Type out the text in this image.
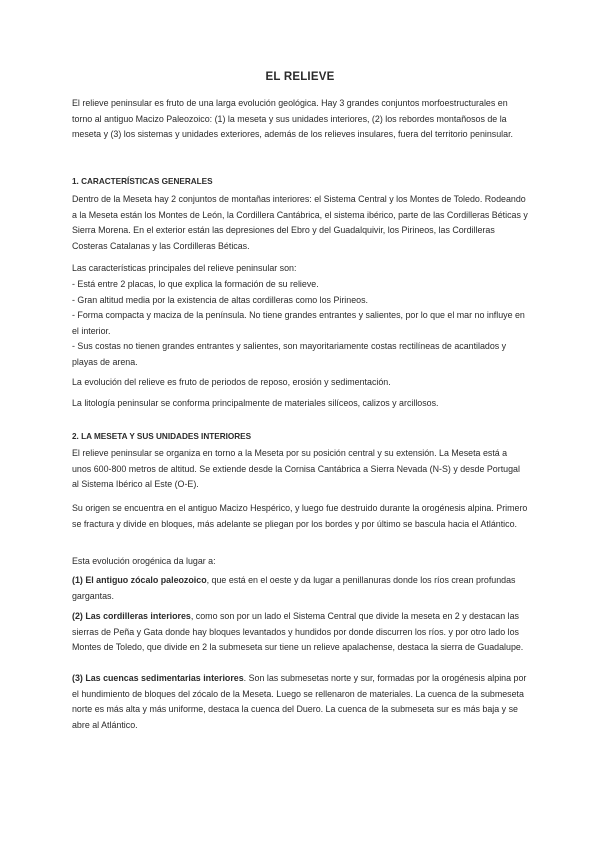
EL RELIEVE

El relieve peninsular es fruto de una larga evolución geológica. Hay 3 grandes conjuntos morfoestructurales en torno al antiguo Macizo Paleozoico: (1) la meseta y sus unidades interiores, (2) los rebordes montañosos de la meseta y (3) los sistemas y unidades exteriores, además de los relieves insulares, fuera del territorio peninsular.

1. CARACTERÍSTICAS GENERALES

Dentro de la Meseta hay 2 conjuntos de montañas interiores: el Sistema Central y los Montes de Toledo. Rodeando a la Meseta están los Montes de León, la Cordillera Cantábrica, el sistema ibérico, parte de las Cordilleras Béticas y Sierra Morena. En el exterior están las depresiones del Ebro y del Guadalquivir, los Pirineos, las Cordilleras Costeras Catalanas y las Cordilleras Béticas.

Las características principales del relieve peninsular son:

- Está entre 2 placas, lo que explica la formación de su relieve.
- Gran altitud media por la existencia de altas cordilleras como los Pirineos.
- Forma compacta y maciza de la península. No tiene grandes entrantes y salientes, por lo que el mar no influye en el interior.
- Sus costas no tienen grandes entrantes y salientes, son mayoritariamente costas rectilíneas de acantilados y playas de arena.

La evolución del relieve es fruto de periodos de reposo, erosión y sedimentación.

La litología peninsular se conforma principalmente de materiales silíceos, calizos y arcillosos.

2. LA MESETA Y SUS UNIDADES INTERIORES

El relieve peninsular se organiza en torno a la Meseta por su posición central y su extensión. La Meseta está a unos 600-800 metros de altitud. Se extiende desde la Cornisa Cantábrica a Sierra Nevada (N-S) y desde Portugal al Sistema Ibérico al Este (O-E).

Su origen se encuentra en el antiguo Macizo Hespérico, y luego fue destruido durante la orogénesis alpina. Primero se fractura y divide en bloques, más adelante se pliegan por los bordes y por último se bascula hacia el Atlántico.

Esta evolución orogénica da lugar a:

(1) El antiguo zócalo paleozoico, que está en el oeste y da lugar a penillanuras donde los ríos crean profundas gargantas.

(2) Las cordilleras interiores, como son por un lado el Sistema Central que divide la meseta en 2 y destacan las sierras de Peña y Gata donde hay bloques levantados y hundidos por donde discurren los ríos. y por otro lado los Montes de Toledo, que divide en 2 la submeseta sur tiene un relieve apalachense, destaca la sierra de Guadalupe.

(3) Las cuencas sedimentarias interiores. Son las submesetas norte y sur, formadas por la orogénesis alpina por el hundimiento de bloques del zócalo de la Meseta. Luego se rellenaron de materiales. La cuenca de la submeseta norte es más alta y más uniforme, destaca la cuenca del Duero. La cuenca de la submeseta sur es más baja y se abre al Atlántico.
